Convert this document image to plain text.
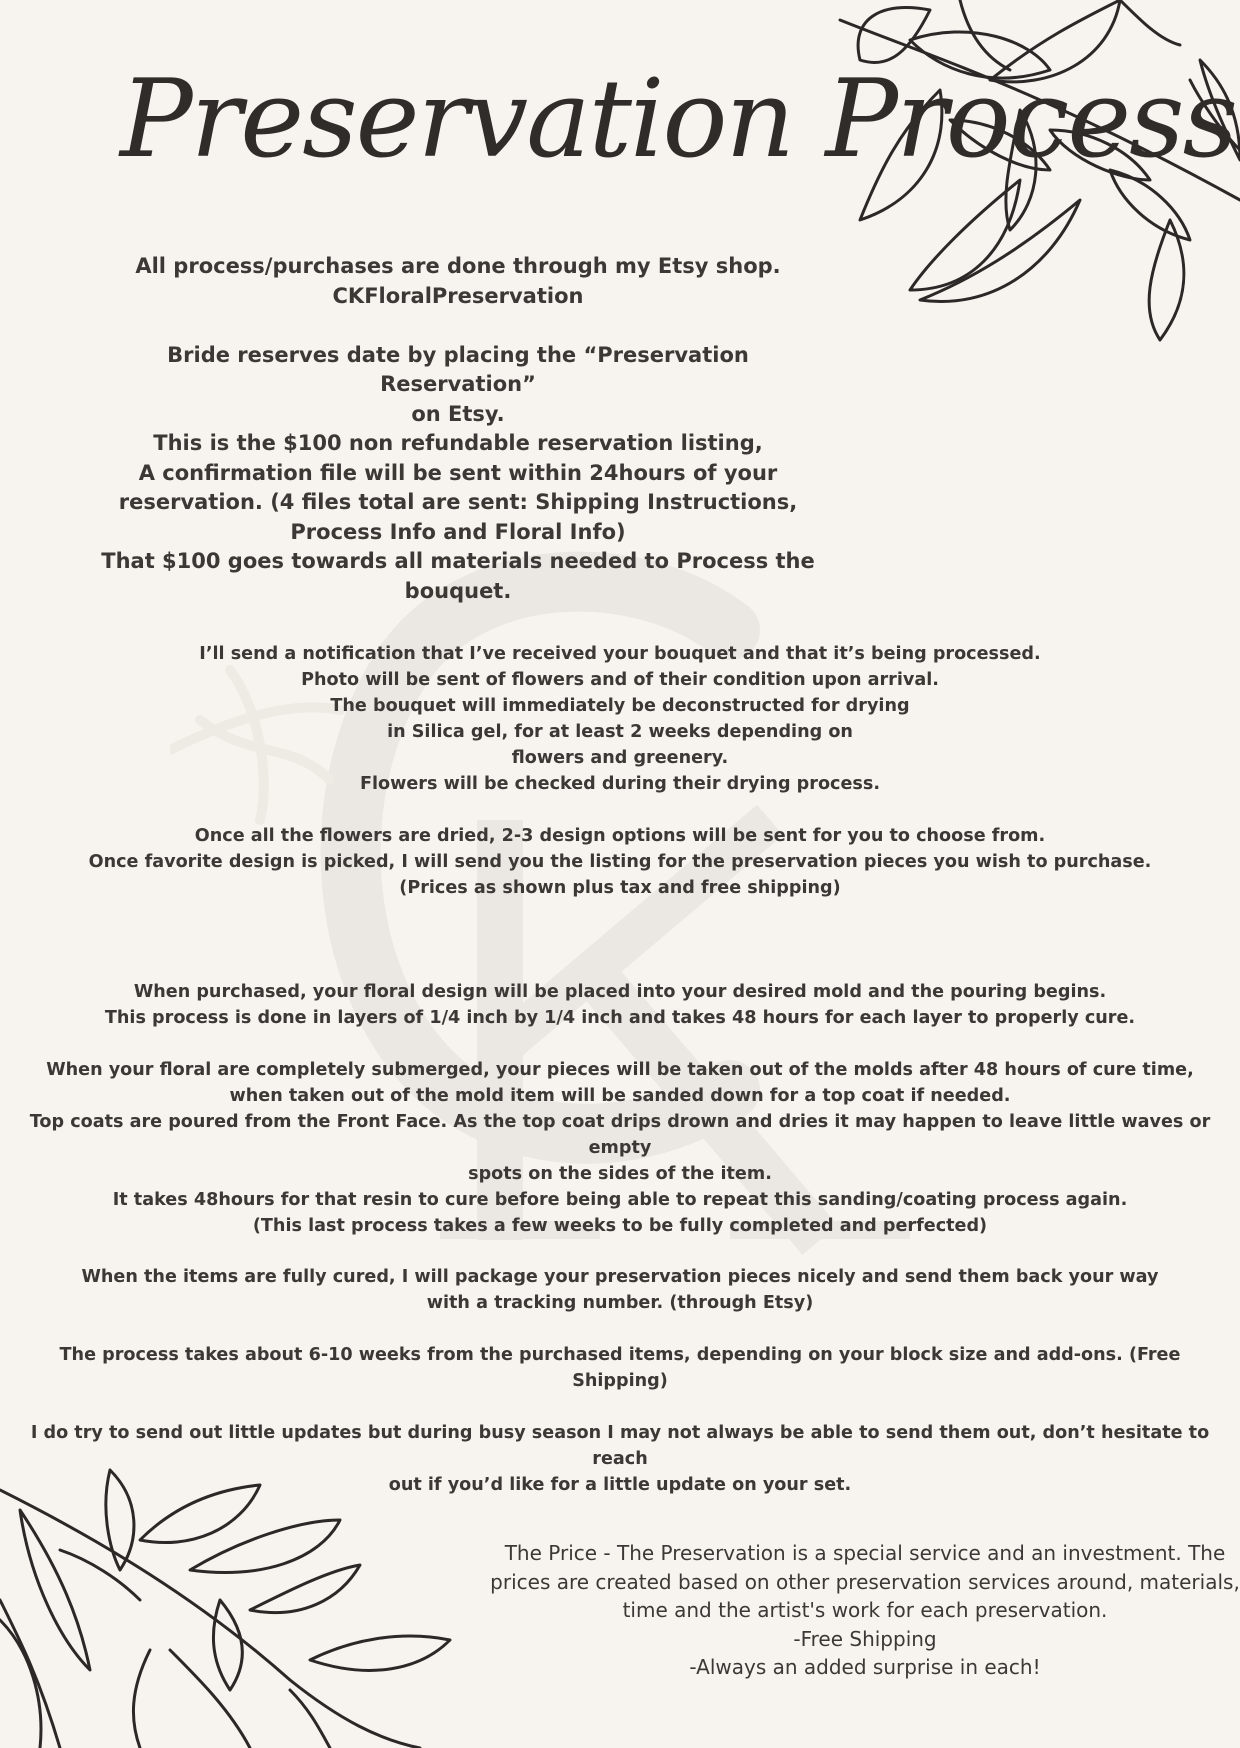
Preservation Process
All process/purchases are done through my Etsy shop.
CKFloralPreservation

Bride reserves date by placing the “Preservation Reservation”
on Etsy.
This is the $100 non refundable reservation listing,
A confirmation file will be sent within 24hours of your
reservation. (4 files total are sent: Shipping Instructions,
Process Info and Floral Info)
That $100 goes towards all materials needed to Process the
bouquet.
I’ll send a notification that I’ve received your bouquet and that it’s being processed.
Photo will be sent of flowers and of their condition upon arrival.
The bouquet will immediately be deconstructed for drying
in Silica gel, for at least 2 weeks depending on
flowers and greenery.
Flowers will be checked during their drying process.
Once all the flowers are dried, 2-3 design options will be sent for you to choose from.
Once favorite design is picked, I will send you the listing for the preservation pieces you wish to purchase.
(Prices as shown plus tax and free shipping)
When purchased, your floral design will be placed into your desired mold and the pouring begins.
This process is done in layers of 1/4 inch by 1/4 inch and takes 48 hours for each layer to properly cure.

When your floral are completely submerged, your pieces will be taken out of the molds after 48 hours of cure time,
when taken out of the mold item will be sanded down for a top coat if needed.
Top coats are poured from the Front Face. As the top coat drips drown and dries it may happen to leave little waves or empty
spots on the sides of the item.
It takes 48hours for that resin to cure before being able to repeat this sanding/coating process again.
(This last process takes a few weeks to be fully completed and perfected)
When the items are fully cured, I will package your preservation pieces nicely and send them back your way
with a tracking number. (through Etsy)

The process takes about 6-10 weeks from the purchased items, depending on your block size and add-ons. (Free Shipping)

I do try to send out little updates but during busy season I may not always be able to send them out, don’t hesitate to reach
out if you’d like for a little update on your set.
The Price - The Preservation is a special service and an investment. The
prices are created based on other preservation services around, materials,
time and the artist's work for each preservation.
-Free Shipping
-Always an added surprise in each!
